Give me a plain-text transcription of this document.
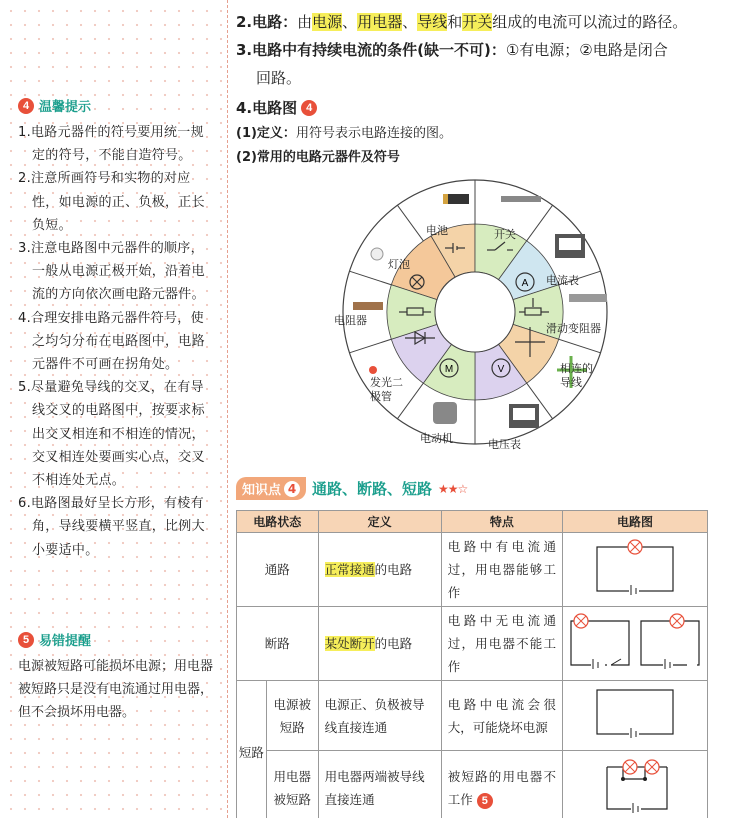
4 温馨提示
1.电路元器件的符号要用统一规定的符号，不能自造符号。
2.注意所画符号和实物的对应性，如电源的正、负极，正长负短。
3.注意电路图中元器件的顺序，一般从电源正极开始，沿着电流的方向依次画电路元器件。
4.合理安排电路元器件符号，使之均匀分布在电路图中，电路元器件不可画在拐角处。
5.尽量避免导线的交叉，在有导线交叉的电路图中，按要求标出交叉相连和不相连的情况，交叉相连处要画实心点，交叉不相连处无点。
6.电路图最好呈长方形，有棱有角，导线要横平竖直，比例大小要适中。
5 易错提醒
电源被短路可能损坏电源；用电器被短路只是没有电流通过用电器，但不会损坏用电器。
2.电路：由电源、用电器、导线和开关组成的电流可以流过的路径。
3.电路中有持续电流的条件(缺一不可)：①有电源；②电路是闭合
回路。
4.电路图 4
(1)定义：用符号表示电路连接的图。
(2)常用的电路元器件及符号
A
V
M
电池	开关
电流表
滑动变阻器
相连的导线
电压表
电动机
发光二极管
电阻器
灯泡
知识点 4 通路、断路、短路 ★★☆
电路状态		定义	特点	电路图
通路		正常接通的电路	电路中有电流通过，用电器能够工作	
断路		某处断开的电路	电路中无电流通过，用电器不能工作	
短路	电源被短路	电源正、负极被导线直接连通	电路中电流会很大，可能烧坏电源	
	用电器被短路	用电器两端被导线直接连通	被短路的用电器不工作 5	
